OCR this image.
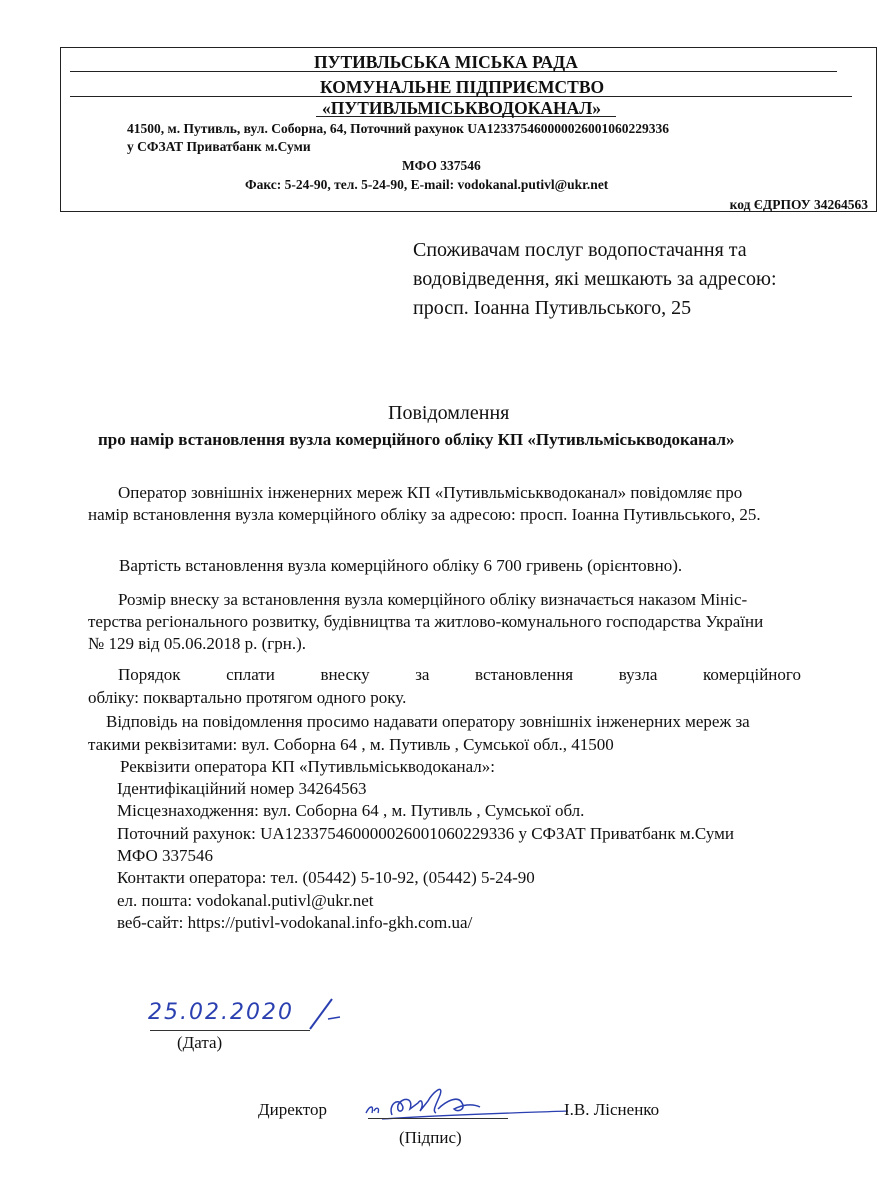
ПУТИВЛЬСЬКА МІСЬКА РАДА
КОМУНАЛЬНЕ ПІДПРИЄМСТВО
«ПУТИВЛЬМІСЬКВОДОКАНАЛ»
41500, м. Путивль, вул. Соборна, 64, Поточний рахунок UA123375460000026001060229336
у СФЗАТ Приватбанк м.Суми
МФО 337546
Факс: 5-24-90, тел. 5-24-90, E-mail: vodokanal.putivl@ukr.net
код ЄДРПОУ 34264563
Споживачам послуг водопостачання та
водовідведення, які мешкають за адресою:
просп. Іоанна Путивльського, 25
Повідомлення
про намір встановлення вузла комерційного обліку КП «Путивльміськводоканал»
Оператор зовнішніх інженерних мереж КП «Путивльміськводоканал» повідомляє про
намір встановлення вузла комерційного обліку за адресою: просп. Іоанна Путивльського, 25.
Вартість встановлення вузла комерційного обліку 6 700 гривень (орієнтовно).
Розмір внеску за встановлення вузла комерційного обліку визначається наказом Мініс-
терства регіонального розвитку, будівництва та житлово-комунального господарства України
№ 129 від 05.06.2018 р. (грн.).
Порядок	сплати	внеску	за	встановлення	вузла	комерційного
обліку: поквартально протягом одного року.
Відповідь на повідомлення просимо надавати оператору зовнішніх інженерних мереж за
такими реквізитами: вул. Соборна 64 , м. Путивль , Сумської обл., 41500
Реквізити оператора КП «Путивльміськводоканал»:
Ідентифікаційний номер 34264563
Місцезнаходження: вул. Соборна 64 , м. Путивль , Сумської обл.
Поточний рахунок: UA123375460000026001060229336 у СФЗАТ Приватбанк м.Суми
МФО 337546
Контакти оператора: тел. (05442) 5-10-92, (05442) 5-24-90
ел. пошта: vodokanal.putivl@ukr.net
веб-сайт: https://putivl-vodokanal.info-gkh.com.ua/
25.02.2020
(Дата)
Директор	І.В. Лісненко
(Підпис)
